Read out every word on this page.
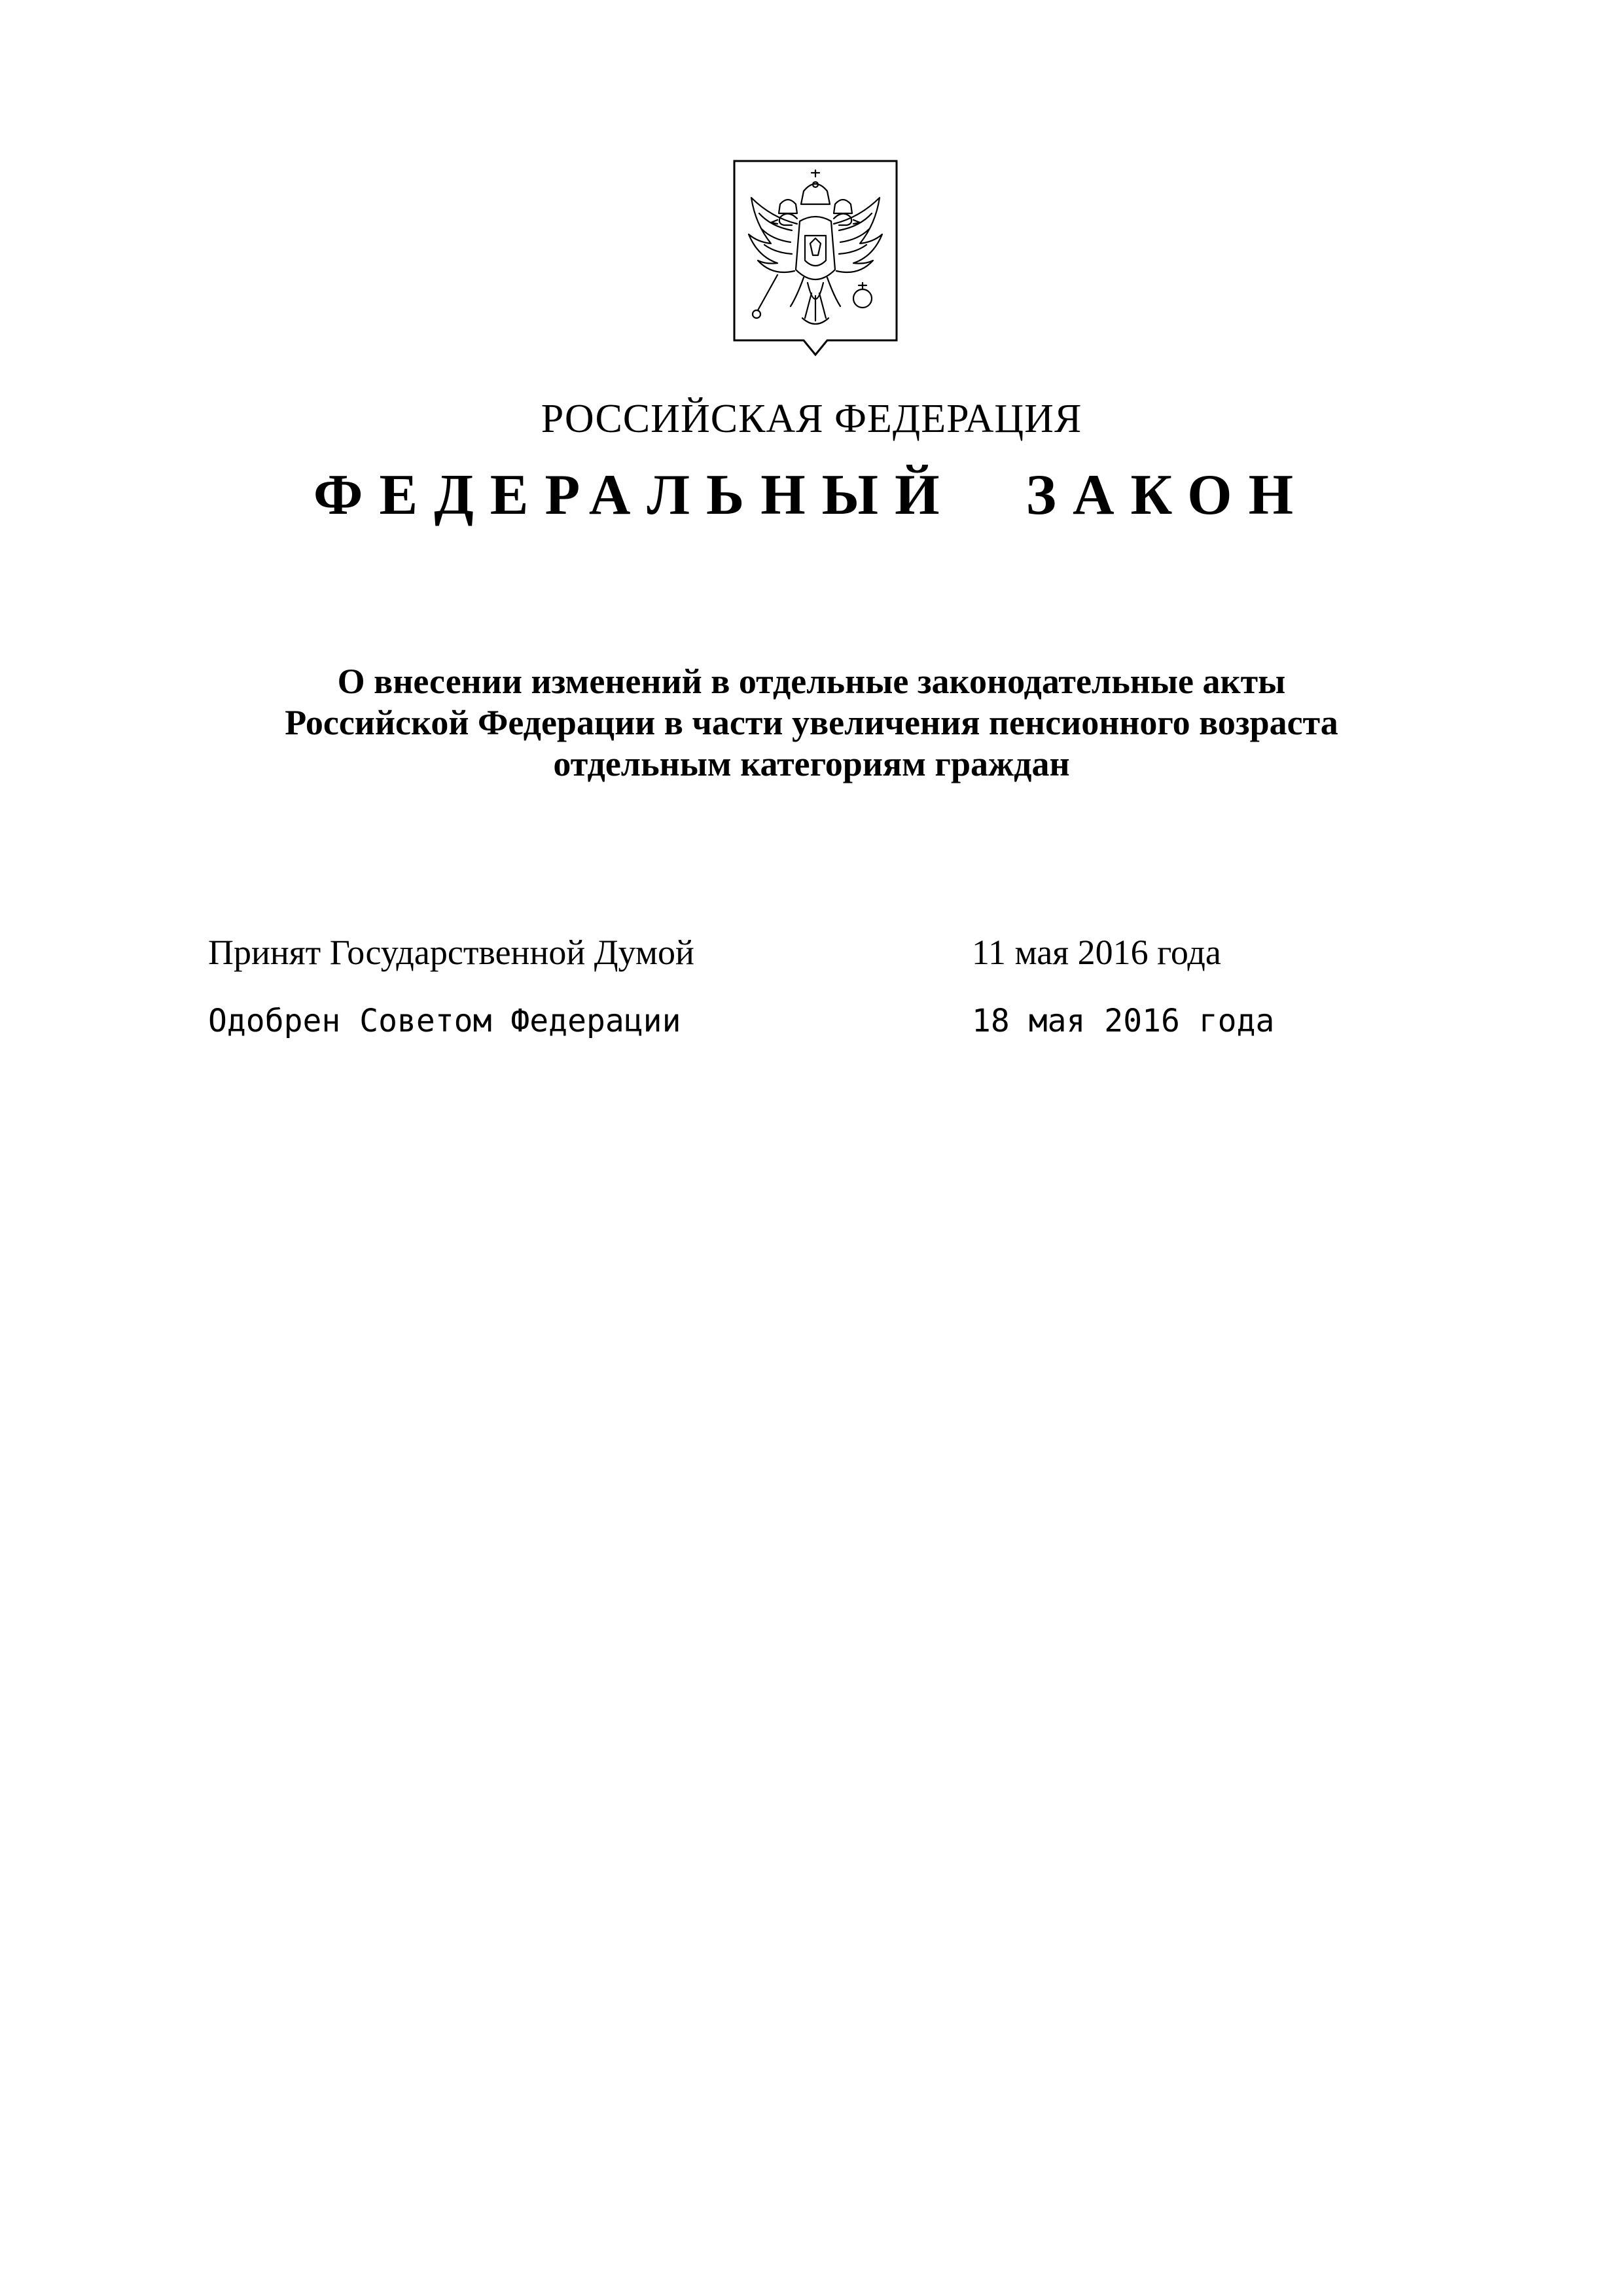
РОССИЙСКАЯ ФЕДЕРАЦИЯ
ФЕДЕРАЛЬНЫЙ ЗАКОН
О внесении изменений в отдельные законодательные акты
Российской Федерации в части увеличения пенсионного возраста
отдельным категориям граждан
Принят Государственной Думой	11 мая 2016 года
Одобрен Советом Федерации	18 мая 2016 года
